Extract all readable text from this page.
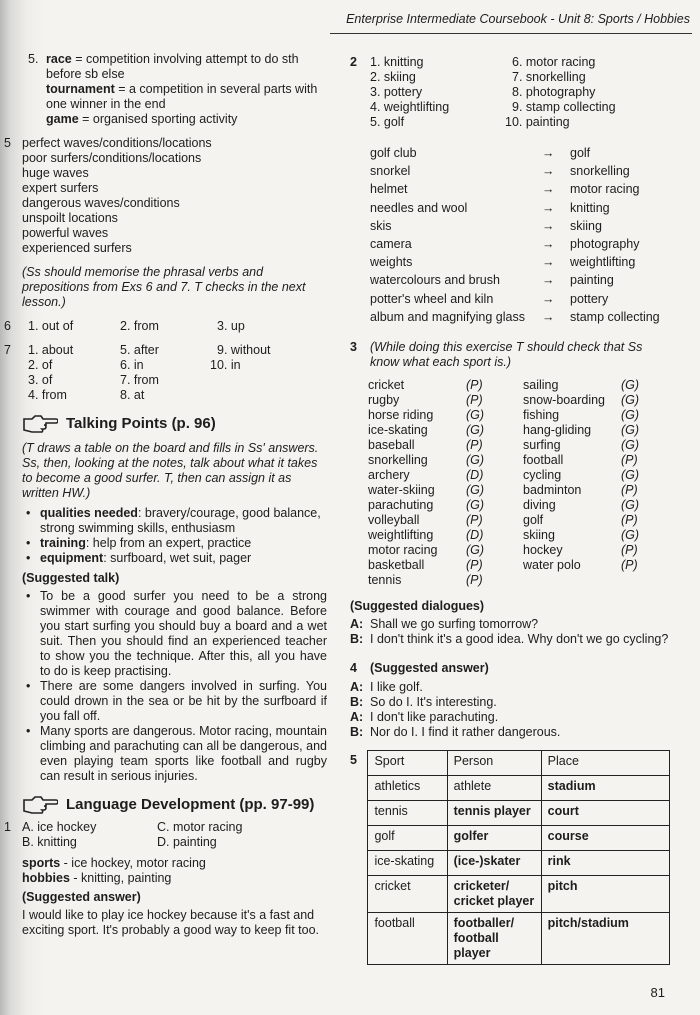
Enterprise Intermediate Coursebook - Unit 8: Sports / Hobbies
5. race = competition involving attempt to do sth
before sb else
tournament = a competition in several parts with
one winner in the end
game = organised sporting activity
5 perfect waves/conditions/locations
poor surfers/conditions/locations
huge waves
expert surfers
dangerous waves/conditions
unspoilt locations
powerful waves
experienced surfers
(Ss should memorise the phrasal verbs and prepositions from Exs 6 and 7. T checks in the next lesson.)
6 1. out of	2. from	3. up
7 1. about	5. after	9. without
2. of	6. in	10. in
3. of	7. from
4. from	8. at
Talking Points (p. 96)
(T draws a table on the board and fills in Ss' answers. Ss, then, looking at the notes, talk about what it takes to become a good surfer. T, then can assign it as written HW.)
• qualities needed: bravery/courage, good balance, strong swimming skills, enthusiasm
• training: help from an expert, practice
• equipment: surfboard, wet suit, pager
(Suggested talk)
• To be a good surfer you need to be a strong swimmer with courage and good balance. Before you start surfing you should buy a board and a wet suit. Then you should find an experienced teacher to show you the technique. After this, all you have to do is keep practising.
• There are some dangers involved in surfing. You could drown in the sea or be hit by the surfboard if you fall off.
• Many sports are dangerous. Motor racing, mountain climbing and parachuting can all be dangerous, and even playing team sports like football and rugby can result in serious injuries.
Language Development (pp. 97-99)
1 A. ice hockey	C. motor racing
B. knitting	D. painting
sports - ice hockey, motor racing
hobbies - knitting, painting
(Suggested answer)
I would like to play ice hockey because it's a fast and exciting sport. It's probably a good way to keep fit too.
2 1. knitting	6. motor racing
2. skiing	7. snorkelling
3. pottery	8. photography
4. weightlifting	9. stamp collecting
5. golf	10. painting
golf club	→ golf
snorkel	→ snorkelling
helmet	→ motor racing
needles and wool	→ knitting
skis	→ skiing
camera	→ photography
weights	→ weightlifting
watercolours and brush	→ painting
potter's wheel and kiln	→ pottery
album and magnifying glass → stamp collecting
3	(While doing this exercise T should check that Ss know what each sport is.)
cricket	(P)
rugby	(P)
horse riding	(G)
ice-skating	(G)
baseball	(P)
snorkelling	(G)
archery	(D)
water-skiing	(G)
parachuting	(G)
volleyball	(P)
weightlifting	(D)
motor racing (G)
basketball	(P)
tennis	(P)
sailing	(G)
snow-boarding (G)
fishing	(G)
hang-gliding (G)
surfing	(G)
football	(P)
cycling	(G)
badminton	(P)
diving	(G)
golf	(P)
skiing	(G)
hockey	(P)
water polo	(P)
(Suggested dialogues)
A: Shall we go surfing tomorrow?
B: I don't think it's a good idea. Why don't we go cycling?
4	(Suggested answer)
A: I like golf.
B: So do I. It's interesting.
A: I don't like parachuting.
B: Nor do I. I find it rather dangerous.
5	Sport	Person	Place
athletics	athlete	stadium
tennis	tennis player	court
golf	golfer	course
ice-skating	(ice-)skater	rink
cricket	cricketer/ cricket player	pitch
football	footballer/ football player	pitch/stadium
81
